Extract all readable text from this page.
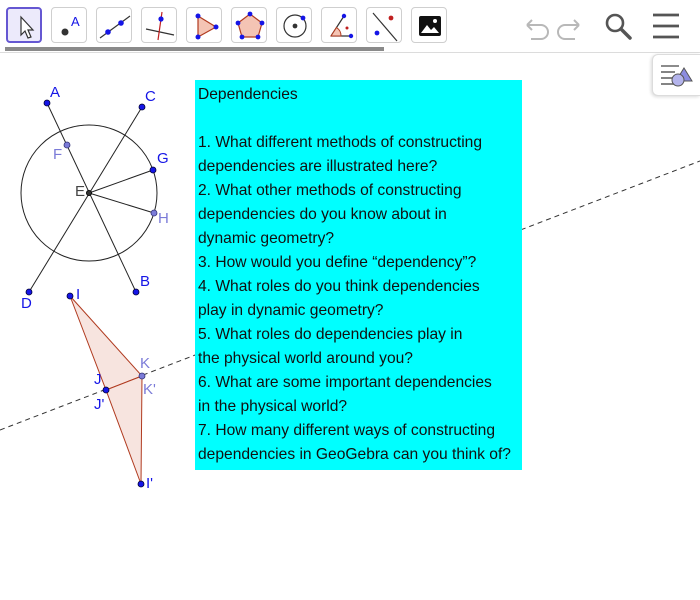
A
A	C
F	G
E
H
B
D
I
K
K'
J
J'
I'
Dependencies

1. What different methods of constructing
dependencies are illustrated here?
2. What other methods of constructing
dependencies do you know about in
dynamic geometry?
3. How would you define “dependency”?
4. What roles do you think dependencies
play in dynamic geometry?
5. What roles do dependencies play in
the physical world around you?
6. What are some important dependencies
in the physical world?
7. How many different ways of constructing
dependencies in GeoGebra can you think of?
